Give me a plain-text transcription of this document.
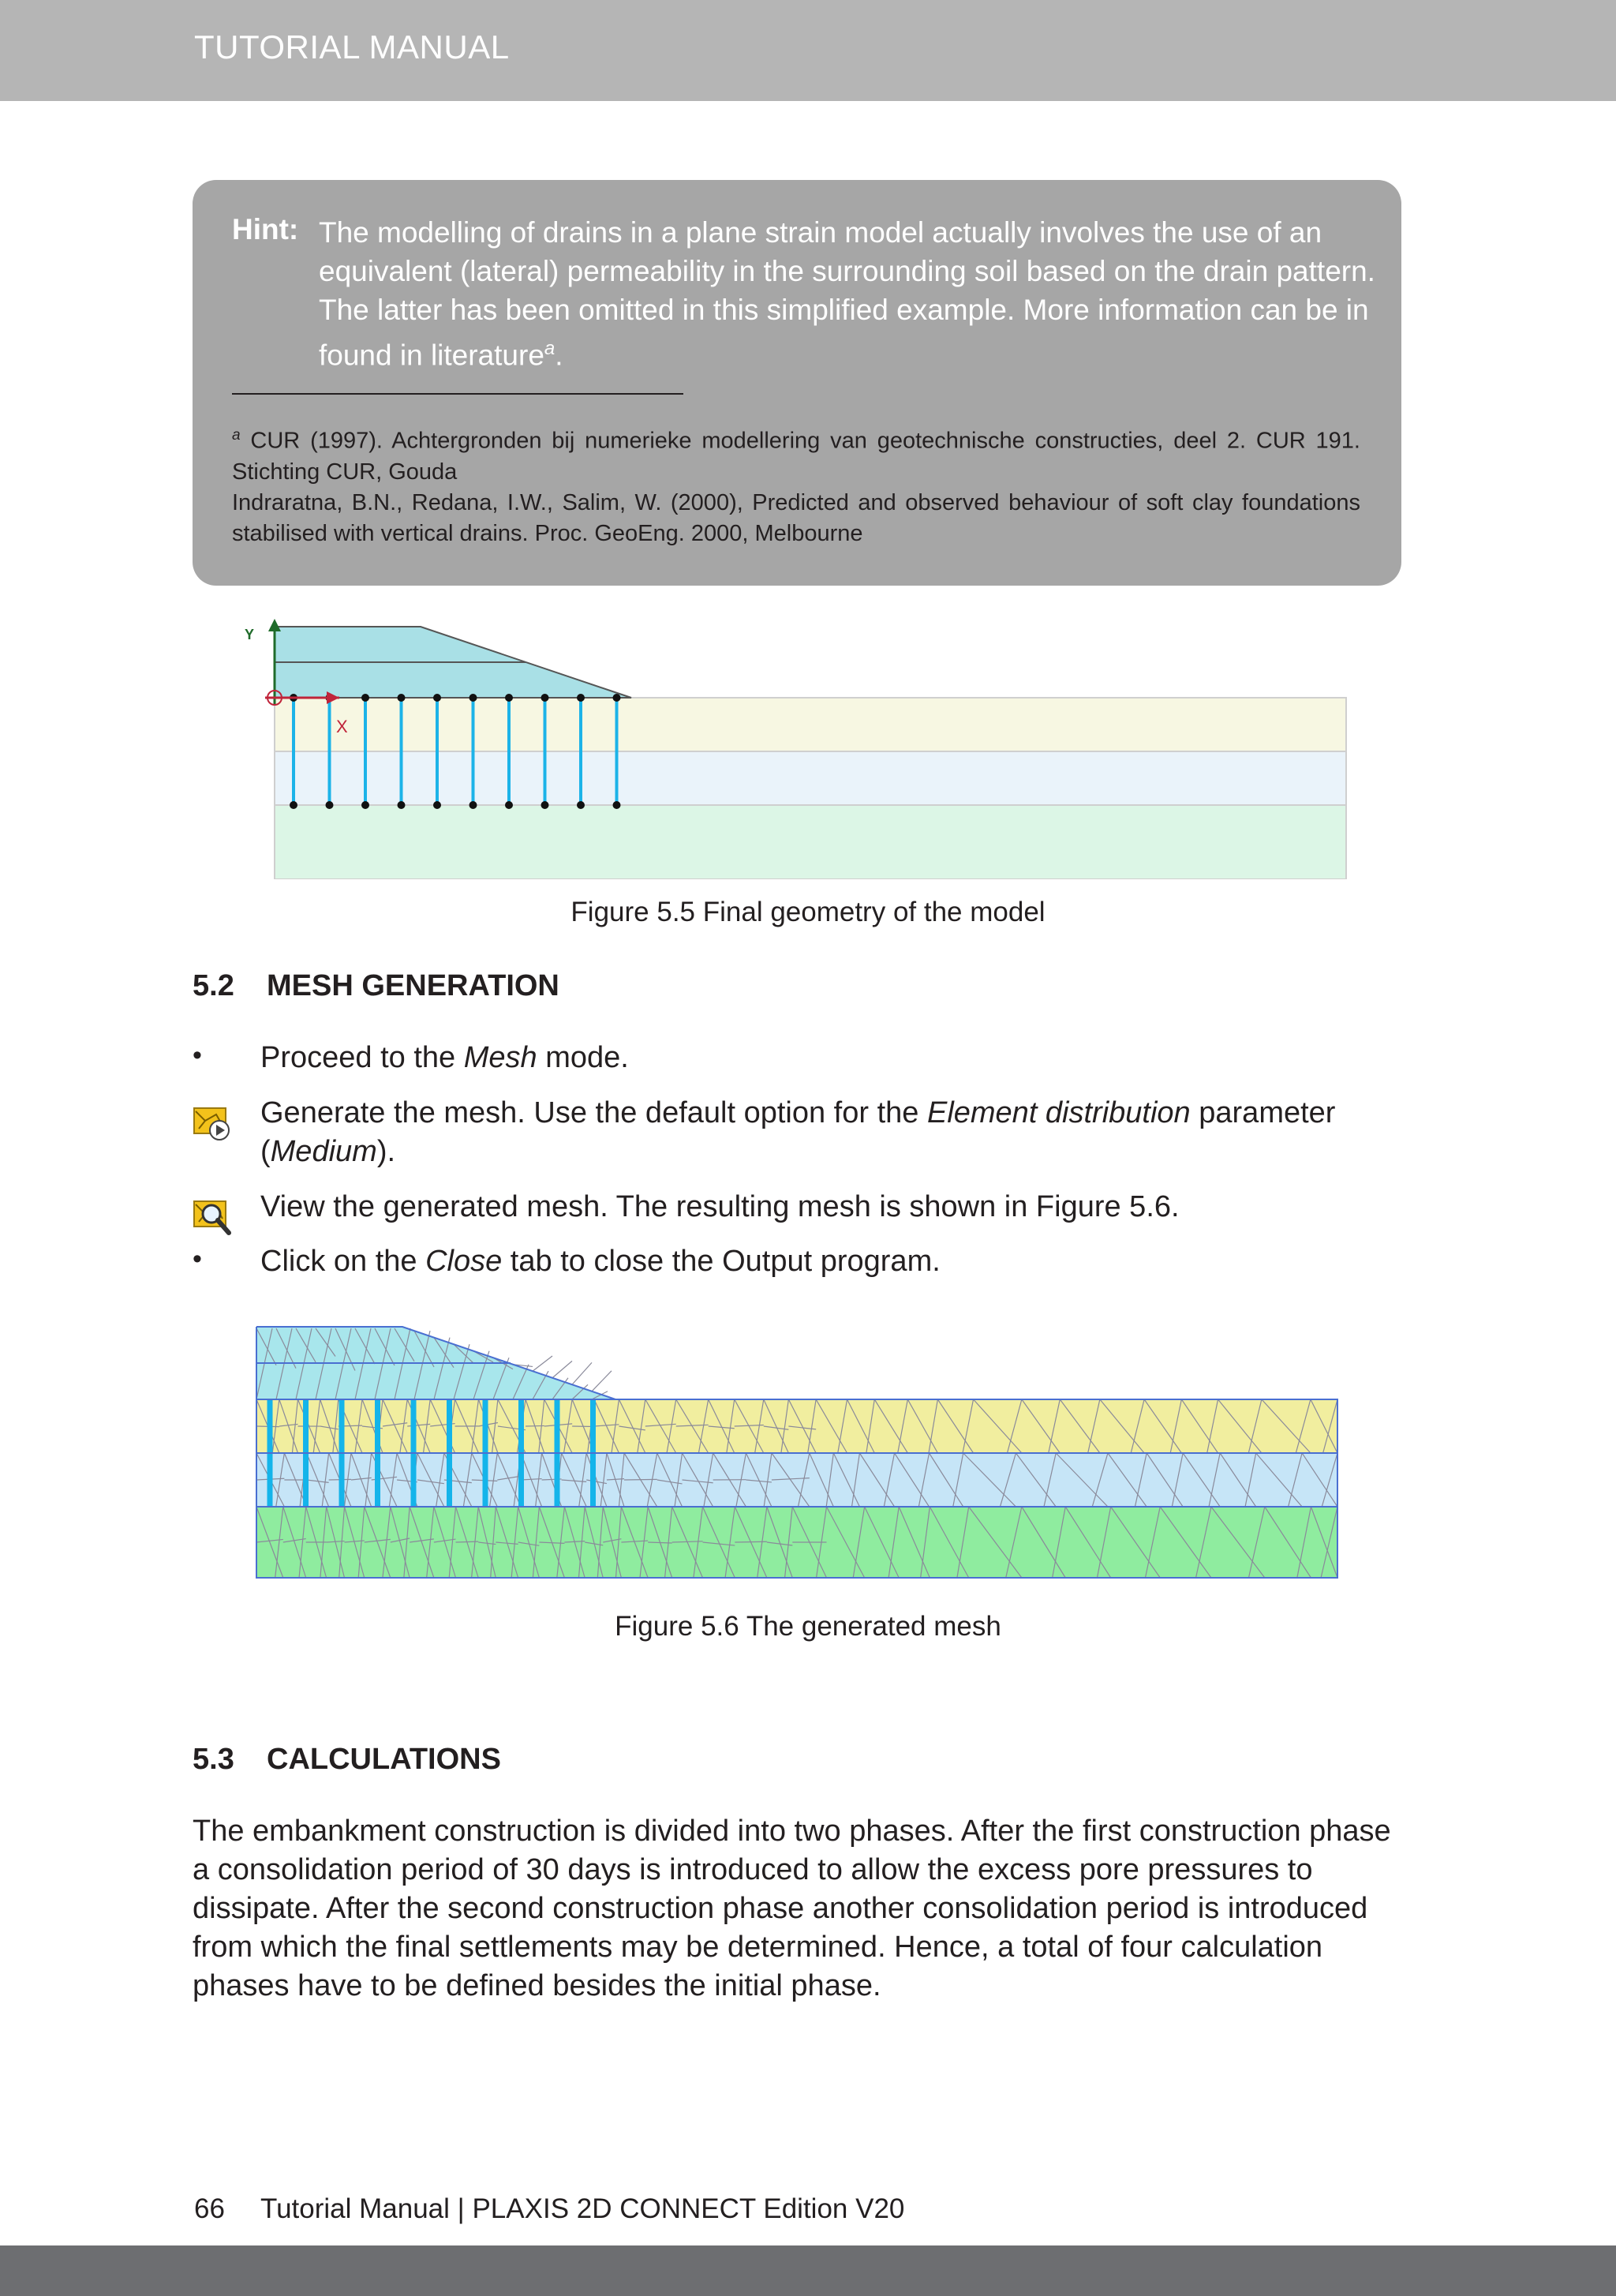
TUTORIAL MANUAL
Hint: The modelling of drains in a plane strain model actually involves the use of an equivalent (lateral) permeability in the surrounding soil based on the drain pattern. The latter has been omitted in this simplified example. More information can be in found in literature$^a$.
$^a$ CUR (1997). Achtergronden bij numerieke modellering van geotechnische constructies, deel 2. CUR 191. Stichting CUR, Gouda
Indraratna, B.N., Redana, I.W., Salim, W. (2000), Predicted and observed behaviour of soft clay foundations stabilised with vertical drains. Proc. GeoEng. 2000, Melbourne
Y
X
Figure 5.5 Final geometry of the model
5.2 MESH GENERATION
• Proceed to the Mesh mode.
Generate the mesh. Use the default option for the Element distribution parameter (Medium).
View the generated mesh. The resulting mesh is shown in Figure 5.6.
• Click on the Close tab to close the Output program.
Figure 5.6 The generated mesh
5.3 CALCULATIONS
The embankment construction is divided into two phases. After the first construction phase a consolidation period of 30 days is introduced to allow the excess pore pressures to dissipate. After the second construction phase another consolidation period is introduced from which the final settlements may be determined. Hence, a total of four calculation phases have to be defined besides the initial phase.
66 Tutorial Manual | PLAXIS 2D CONNECT Edition V20
